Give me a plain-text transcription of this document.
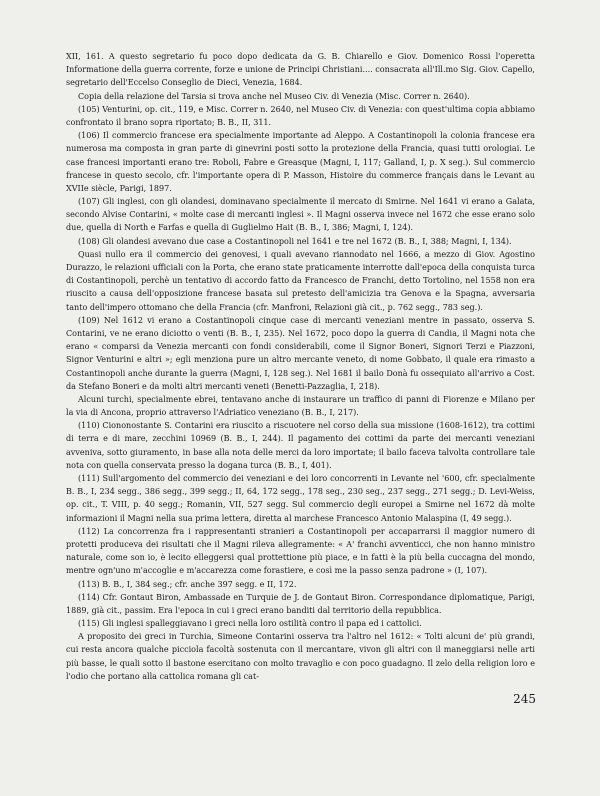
XII, 161. A questo segretario fu poco dopo dedicata da G. B. Chiarello e Giov. Domenico Rossi l'operetta Informatione della guerra corrente, forze e unione de Principi Christiani.... consacrata all'Ill.mo Sig. Giov. Capello, segretario dell'Eccelso Conseglio de Dieci, Venezia, 1684.

Copia della relazione del Tarsia si trova anche nel Museo Civ. di Venezia (Misc. Correr n. 2640).

(105) Venturini, op. cit., 119, e Misc. Correr n. 2640, nel Museo Civ. di Venezia: con quest'ultima copia abbiamo confrontato il brano sopra riportato; B. B., II, 311.

(106) Il commercio francese era specialmente importante ad Aleppo. A Costantinopoli la colonia francese era numerosa ma composta in gran parte di ginevrini posti sotto la protezione della Francia, quasi tutti orologiai. Le case francesi importanti erano tre: Roboli, Fabre e Greasque (Magni, I, 117; Galland, I, p. X seg.). Sul commercio francese in questo secolo, cfr. l'importante opera di P. Masson, Histoire du commerce français dans le Levant au XVIIe siècle, Parigi, 1897.

(107) Gli inglesi, con gli olandesi, dominavano specialmente il mercato di Smirne. Nel 1641 vi erano a Galata, secondo Alvise Contarini, « molte case di mercanti inglesi ». Il Magni osserva invece nel 1672 che esse erano solo due, quella di North e Farfas e quella di Guglielmo Hait (B. B., I, 386; Magni, I, 124).

(108) Gli olandesi avevano due case a Costantinopoli nel 1641 e tre nel 1672 (B. B., I, 388; Magni, I, 134).

Quasi nullo era il commercio dei genovesi, i quali avevano riannodato nel 1666, a mezzo di Giov. Agostino Durazzo, le relazioni ufficiali con la Porta, che erano state praticamente interrotte dall'epoca della conquista turca di Costantinopoli, perchè un tentativo di accordo fatto da Francesco de Franchi, detto Tortolino, nel 1558 non era riuscito a causa dell'opposizione francese basata sul pretesto dell'amicizia tra Genova e la Spagna, avversaria tanto dell'impero ottomano che della Francia (cfr. Manfroni, Relazioni già cit., p. 762 segg., 783 seg.).

(109) Nel 1612 vi erano a Costantinopoli cinque case di mercanti veneziani mentre in passato, osserva S. Contarini, ve ne erano diciotto o venti (B. B., I, 235). Nel 1672, poco dopo la guerra di Candia, il Magni nota che erano « comparsi da Venezia mercanti con fondi considerabili, come il Signor Boneri, Signori Terzi e Piazzoni, Signor Venturini e altri »; egli menziona pure un altro mercante veneto, di nome Gobbato, il quale era rimasto a Costantinopoli anche durante la guerra (Magni, I, 128 seg.). Nel 1681 il bailo Donà fu ossequiato all'arrivo a Cost. da Stefano Boneri e da molti altri mercanti veneti (Benetti-Pazzaglia, I, 218).

Alcuni turchi, specialmente ebrei, tentavano anche di instaurare un traffico di panni di Fiorenze e Milano per la via di Ancona, proprio attraverso l'Adriatico veneziano (B. B., I, 217).

(110) Ciononostante S. Contarini era riuscito a riscuotere nel corso della sua missione (1608-1612), tra cottimi di terra e di mare, zecchini 10969 (B. B., I, 244). Il pagamento dei cottimi da parte dei mercanti veneziani avveniva, sotto giuramento, in base alla nota delle merci da loro importate; il bailo faceva talvolta controllare tale nota con quella conservata presso la dogana turca (B. B., I, 401).

(111) Sull'argomento del commercio dei veneziani e dei loro concorrenti in Levante nel '600, cfr. specialmente B. B., I, 234 segg., 386 segg., 399 segg.; II, 64, 172 segg., 178 seg., 230 seg., 237 segg., 271 segg.; D. Levi-Weiss, op. cit., T. VIII, p. 40 segg.; Romanin, VII, 527 segg. Sul commercio degli europei a Smirne nel 1672 dà molte informazioni il Magni nella sua prima lettera, diretta al marchese Francesco Antonio Malaspina (I, 49 segg.).

(112) La concorrenza fra i rappresentanti stranieri a Costantinopoli per accaparrarsi il maggior numero di protetti produceva dei risultati che il Magni rileva allegramente: « A' franchi avventicci, che non hanno ministro naturale, come son io, è lecito elleggersi qual prottettione più piace, e in fatti è la più bella cuccagna del mondo, mentre ogn'uno m'accoglie e m'accarezza come forastiere, e così me la passo senza padrone » (I, 107).

(113) B. B., I, 384 seg.; cfr. anche 397 segg. e II, 172.

(114) Cfr. Gontaut Biron, Ambassade en Turquie de J. de Gontaut Biron. Correspondance diplomatique, Parigi, 1889, già cit., passim. Era l'epoca in cui i greci erano banditi dal territorio della repubblica.

(115) Gli inglesi spalleggiavano i greci nella loro ostilità contro il papa ed i cattolici.

A proposito dei greci in Turchia, Simeone Contarini osserva tra l'altro nel 1612: « Tolti alcuni de' più grandi, cui resta ancora qualche picciola facoltà sostenuta con il mercantare, vivon gli altri con il maneggiarsi nelle arti più basse, le quali sotto il bastone esercitano con molto travaglio e con poco guadagno. Il zelo della religion loro e l'odio che portano alla cattolica romana gli cat-

245
